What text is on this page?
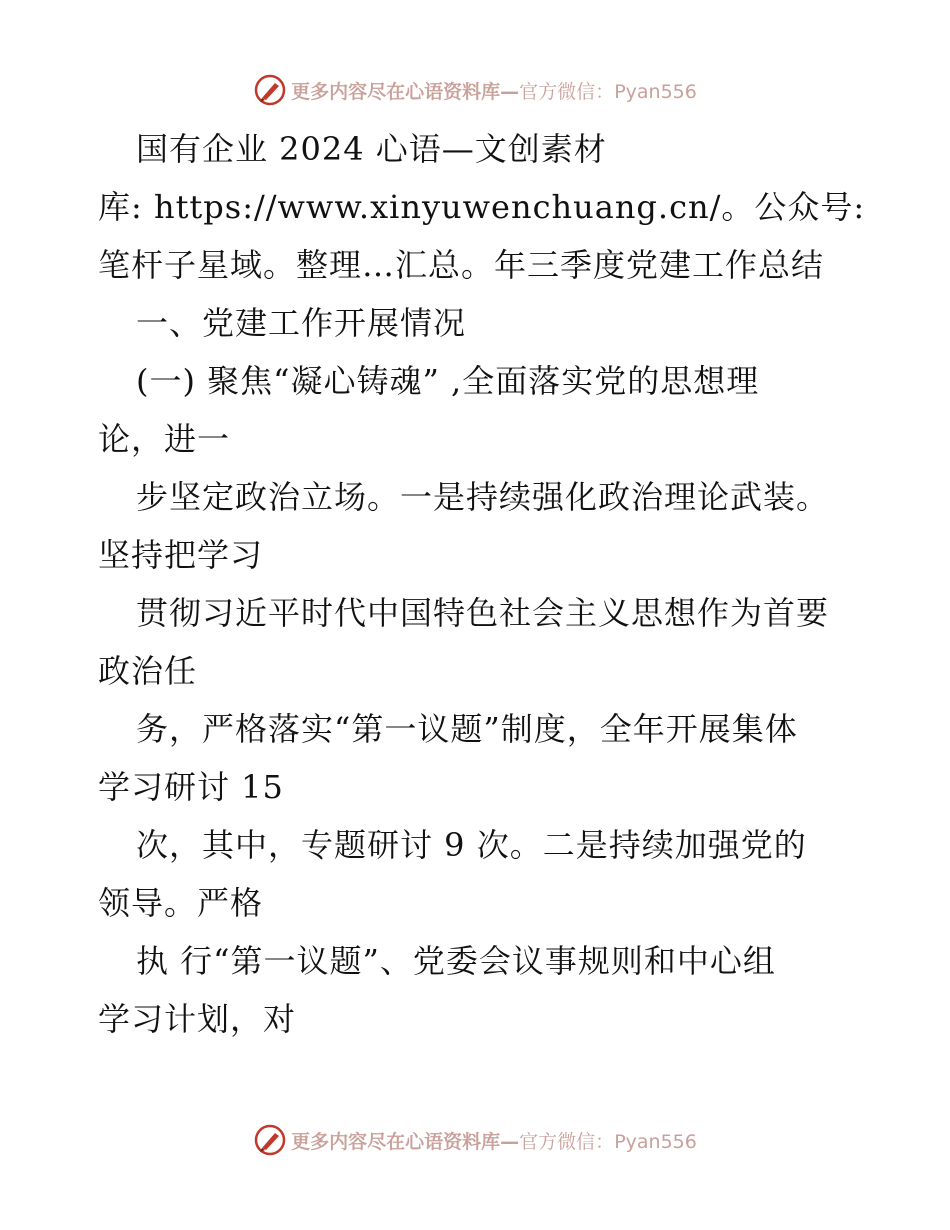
更多内容尽在心语资料库—官方微信：Pyan556
国有企业 2024 心语—文创素材
库: https://www.xinyuwenchuang.cn/。公众号:
笔杆子星域。整理…汇总。年三季度党建工作总结
一、党建工作开展情况
(一) 聚焦“凝心铸魂” ,全面落实党的思想理
论，进一
步坚定政治立场。一是持续强化政治理论武装。
坚持把学习
贯彻习近平时代中国特色社会主义思想作为首要
政治任
务，严格落实“第一议题”制度，全年开展集体
学习研讨 15
次，其中，专题研讨 9 次。二是持续加强党的
领导。严格
执 行“第一议题”、党委会议事规则和中心组
学习计划，对
更多内容尽在心语资料库—官方微信：Pyan556
